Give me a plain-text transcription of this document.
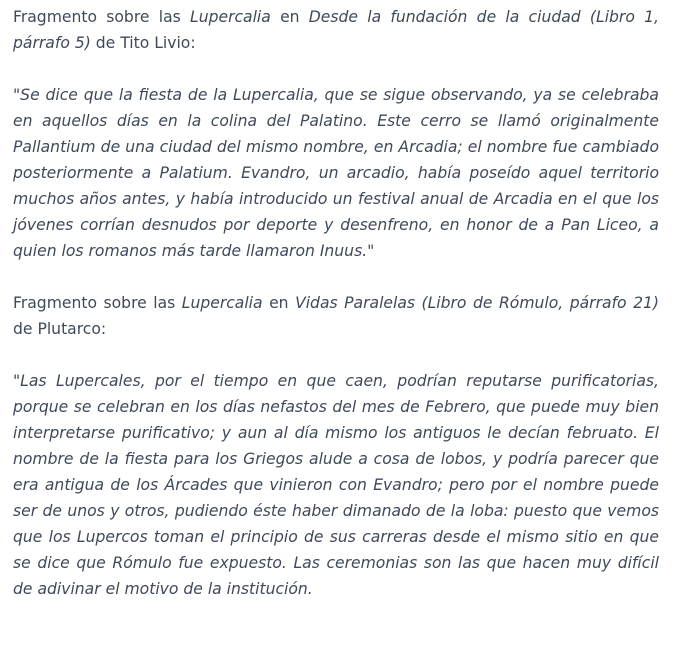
Fragmento sobre las Lupercalia en Desde la fundación de la ciudad (Libro 1, párrafo 5) de Tito Livio:

"Se dice que la fiesta de la Lupercalia, que se sigue observando, ya se celebraba en aquellos días en la colina del Palatino. Este cerro se llamó originalmente Pallantium de una ciudad del mismo nombre, en Arcadia; el nombre fue cambiado posteriormente a Palatium. Evandro, un arcadio, había poseído aquel territorio muchos años antes, y había introducido un festival anual de Arcadia en el que los jóvenes corrían desnudos por deporte y desenfreno, en honor de a Pan Liceo, a quien los romanos más tarde llamaron Inuus."

Fragmento sobre las Lupercalia en Vidas Paralelas (Libro de Rómulo, párrafo 21) de Plutarco:

"Las Lupercales, por el tiempo en que caen, podrían reputarse purificatorias, porque se celebran en los días nefastos del mes de Febrero, que puede muy bien interpretarse purificativo; y aun al día mismo los antiguos le decían februato. El nombre de la fiesta para los Griegos alude a cosa de lobos, y podría parecer que era antigua de los Árcades que vinieron con Evandro; pero por el nombre puede ser de unos y otros, pudiendo éste haber dimanado de la loba: puesto que vemos que los Lupercos toman el principio de sus carreras desde el mismo sitio en que se dice que Rómulo fue expuesto. Las ceremonias son las que hacen muy difícil de adivinar el motivo de la institución.
